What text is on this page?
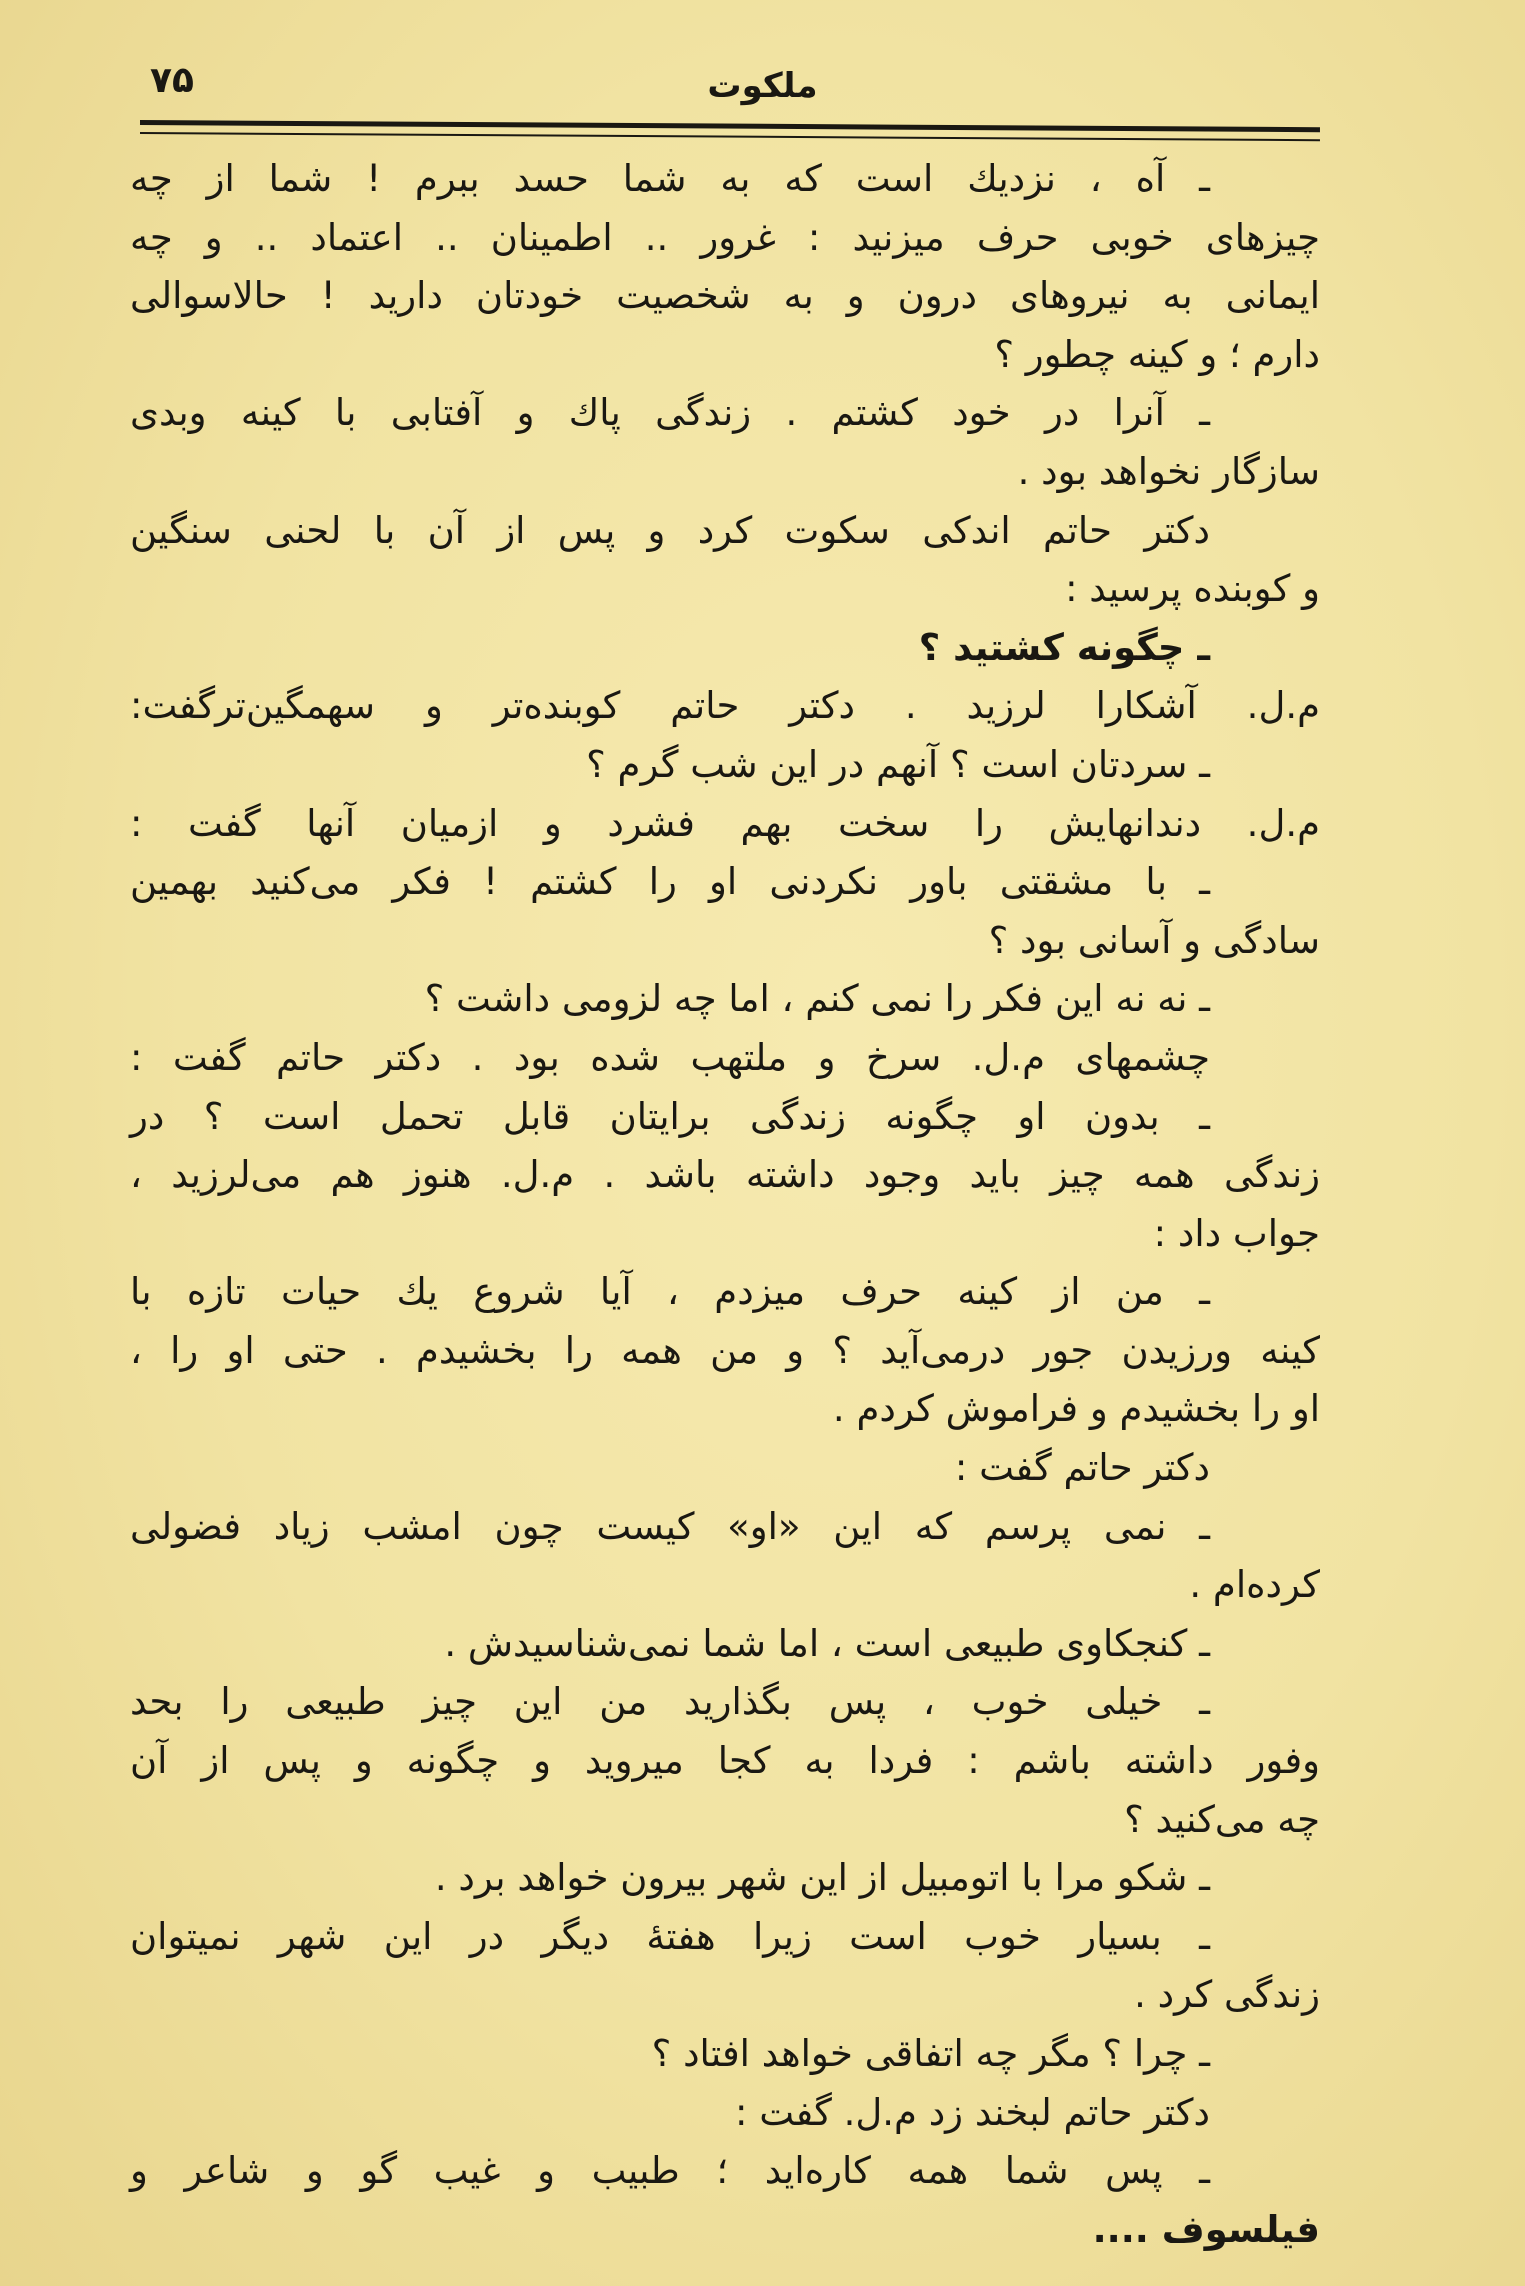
۷۵	ملکوت
ـ آه ، نزدیك است که به شما حسد ببرم ! شما از چه
چیزهای خوبی حرف میزنید : غرور .. اطمینان .. اعتماد .. و چه
ایمانی به نیروهای درون و به شخصیت خودتان دارید ! حالاسوالی
دارم ؛ و کینه چطور ؟
ـ آنرا در خود کشتم . زندگی پاك و آفتابی با کینه وبدی
سازگار نخواهد بود .
دکتر حاتم اندکی سکوت کرد و پس از آن با لحنی سنگین
و کوبنده پرسید :
ـ چگونه کشتید ؟
م.ل. آشکارا لرزید . دکتر حاتم کوبنده‌تر و سهمگین‌ترگفت:
ـ سردتان است ؟ آنهم در این شب گرم ؟
م.ل. دندانهایش را سخت بهم فشرد و ازمیان آنها گفت :
ـ با مشقتی باور نکردنی او را کشتم ! فکر می‌کنید بهمین
سادگی و آسانی بود ؟
ـ نه نه این فکر را نمی کنم ، اما چه لزومی داشت ؟
چشمهای م.ل. سرخ و ملتهب شده بود . دکتر حاتم گفت :
ـ بدون او چگونه زندگی برایتان قابل تحمل است ؟ در
زندگی همه چیز باید وجود داشته باشد . م.ل. هنوز هم می‌لرزید ،
جواب داد :
ـ من از کینه حرف میزدم ، آیا شروع یك حیات تازه با
کینه ورزیدن جور درمی‌آید ؟ و من همه را بخشیدم . حتی او را ،
او را بخشیدم و فراموش کردم .
دکتر حاتم گفت :
ـ نمی پرسم که این «او» کیست چون امشب زیاد فضولی
کرده‌ام .
ـ کنجکاوی طبیعی است ، اما شما نمی‌شناسیدش .
ـ خیلی خوب ، پس بگذارید من این چیز طبیعی را بحد
وفور داشته باشم : فردا به کجا میروید و چگونه و پس از آن
چه می‌کنید ؟
ـ شکو مرا با اتومبیل از این شهر بیرون خواهد برد .
ـ بسیار خوب است زیرا هفتهٔ دیگر در این شهر نمیتوان
زندگی کرد .
ـ چرا ؟ مگر چه اتفاقی خواهد افتاد ؟
دکتر حاتم لبخند زد م.ل. گفت :
ـ پس شما همه کاره‌اید ؛ طبیب و غیب گو و شاعر و
فیلسوف ....
